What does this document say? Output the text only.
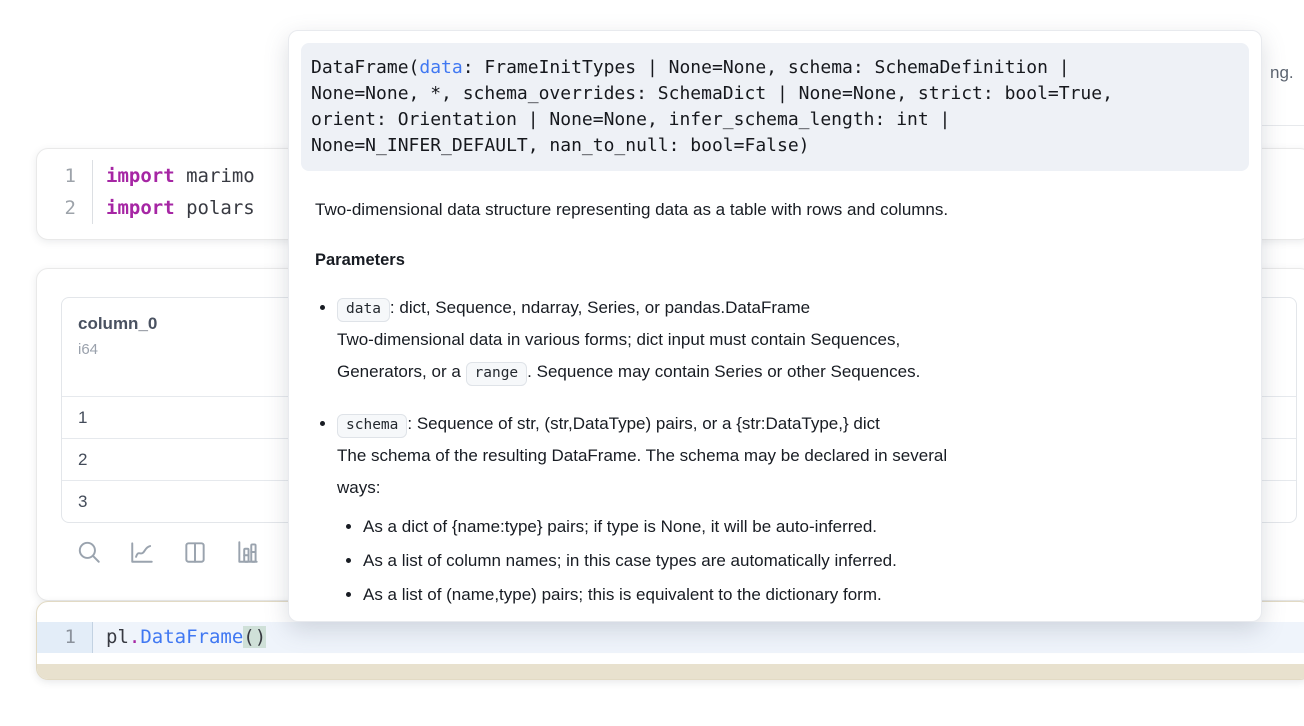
ng.
1	import marimo
2	import polars
column_0
i64
1
2
3
1	pl.DataFrame()
DataFrame(data: FrameInitTypes | None=None, schema: SchemaDefinition |
None=None, *, schema_overrides: SchemaDict | None=None, strict: bool=True,
orient: Orientation | None=None, infer_schema_length: int |
None=N_INFER_DEFAULT, nan_to_null: bool=False)

Two-dimensional data structure representing data as a table with rows and columns.

Parameters
• data : dict, Sequence, ndarray, Series, or pandas.DataFrame
Two-dimensional data in various forms; dict input must contain Sequences,
Generators, or a range . Sequence may contain Series or other Sequences.
• schema : Sequence of str, (str,DataType) pairs, or a {str:DataType,} dict
The schema of the resulting DataFrame. The schema may be declared in several
ways:
• As a dict of {name:type} pairs; if type is None, it will be auto-inferred.
• As a list of column names; in this case types are automatically inferred.
• As a list of (name,type) pairs; this is equivalent to the dictionary form.
